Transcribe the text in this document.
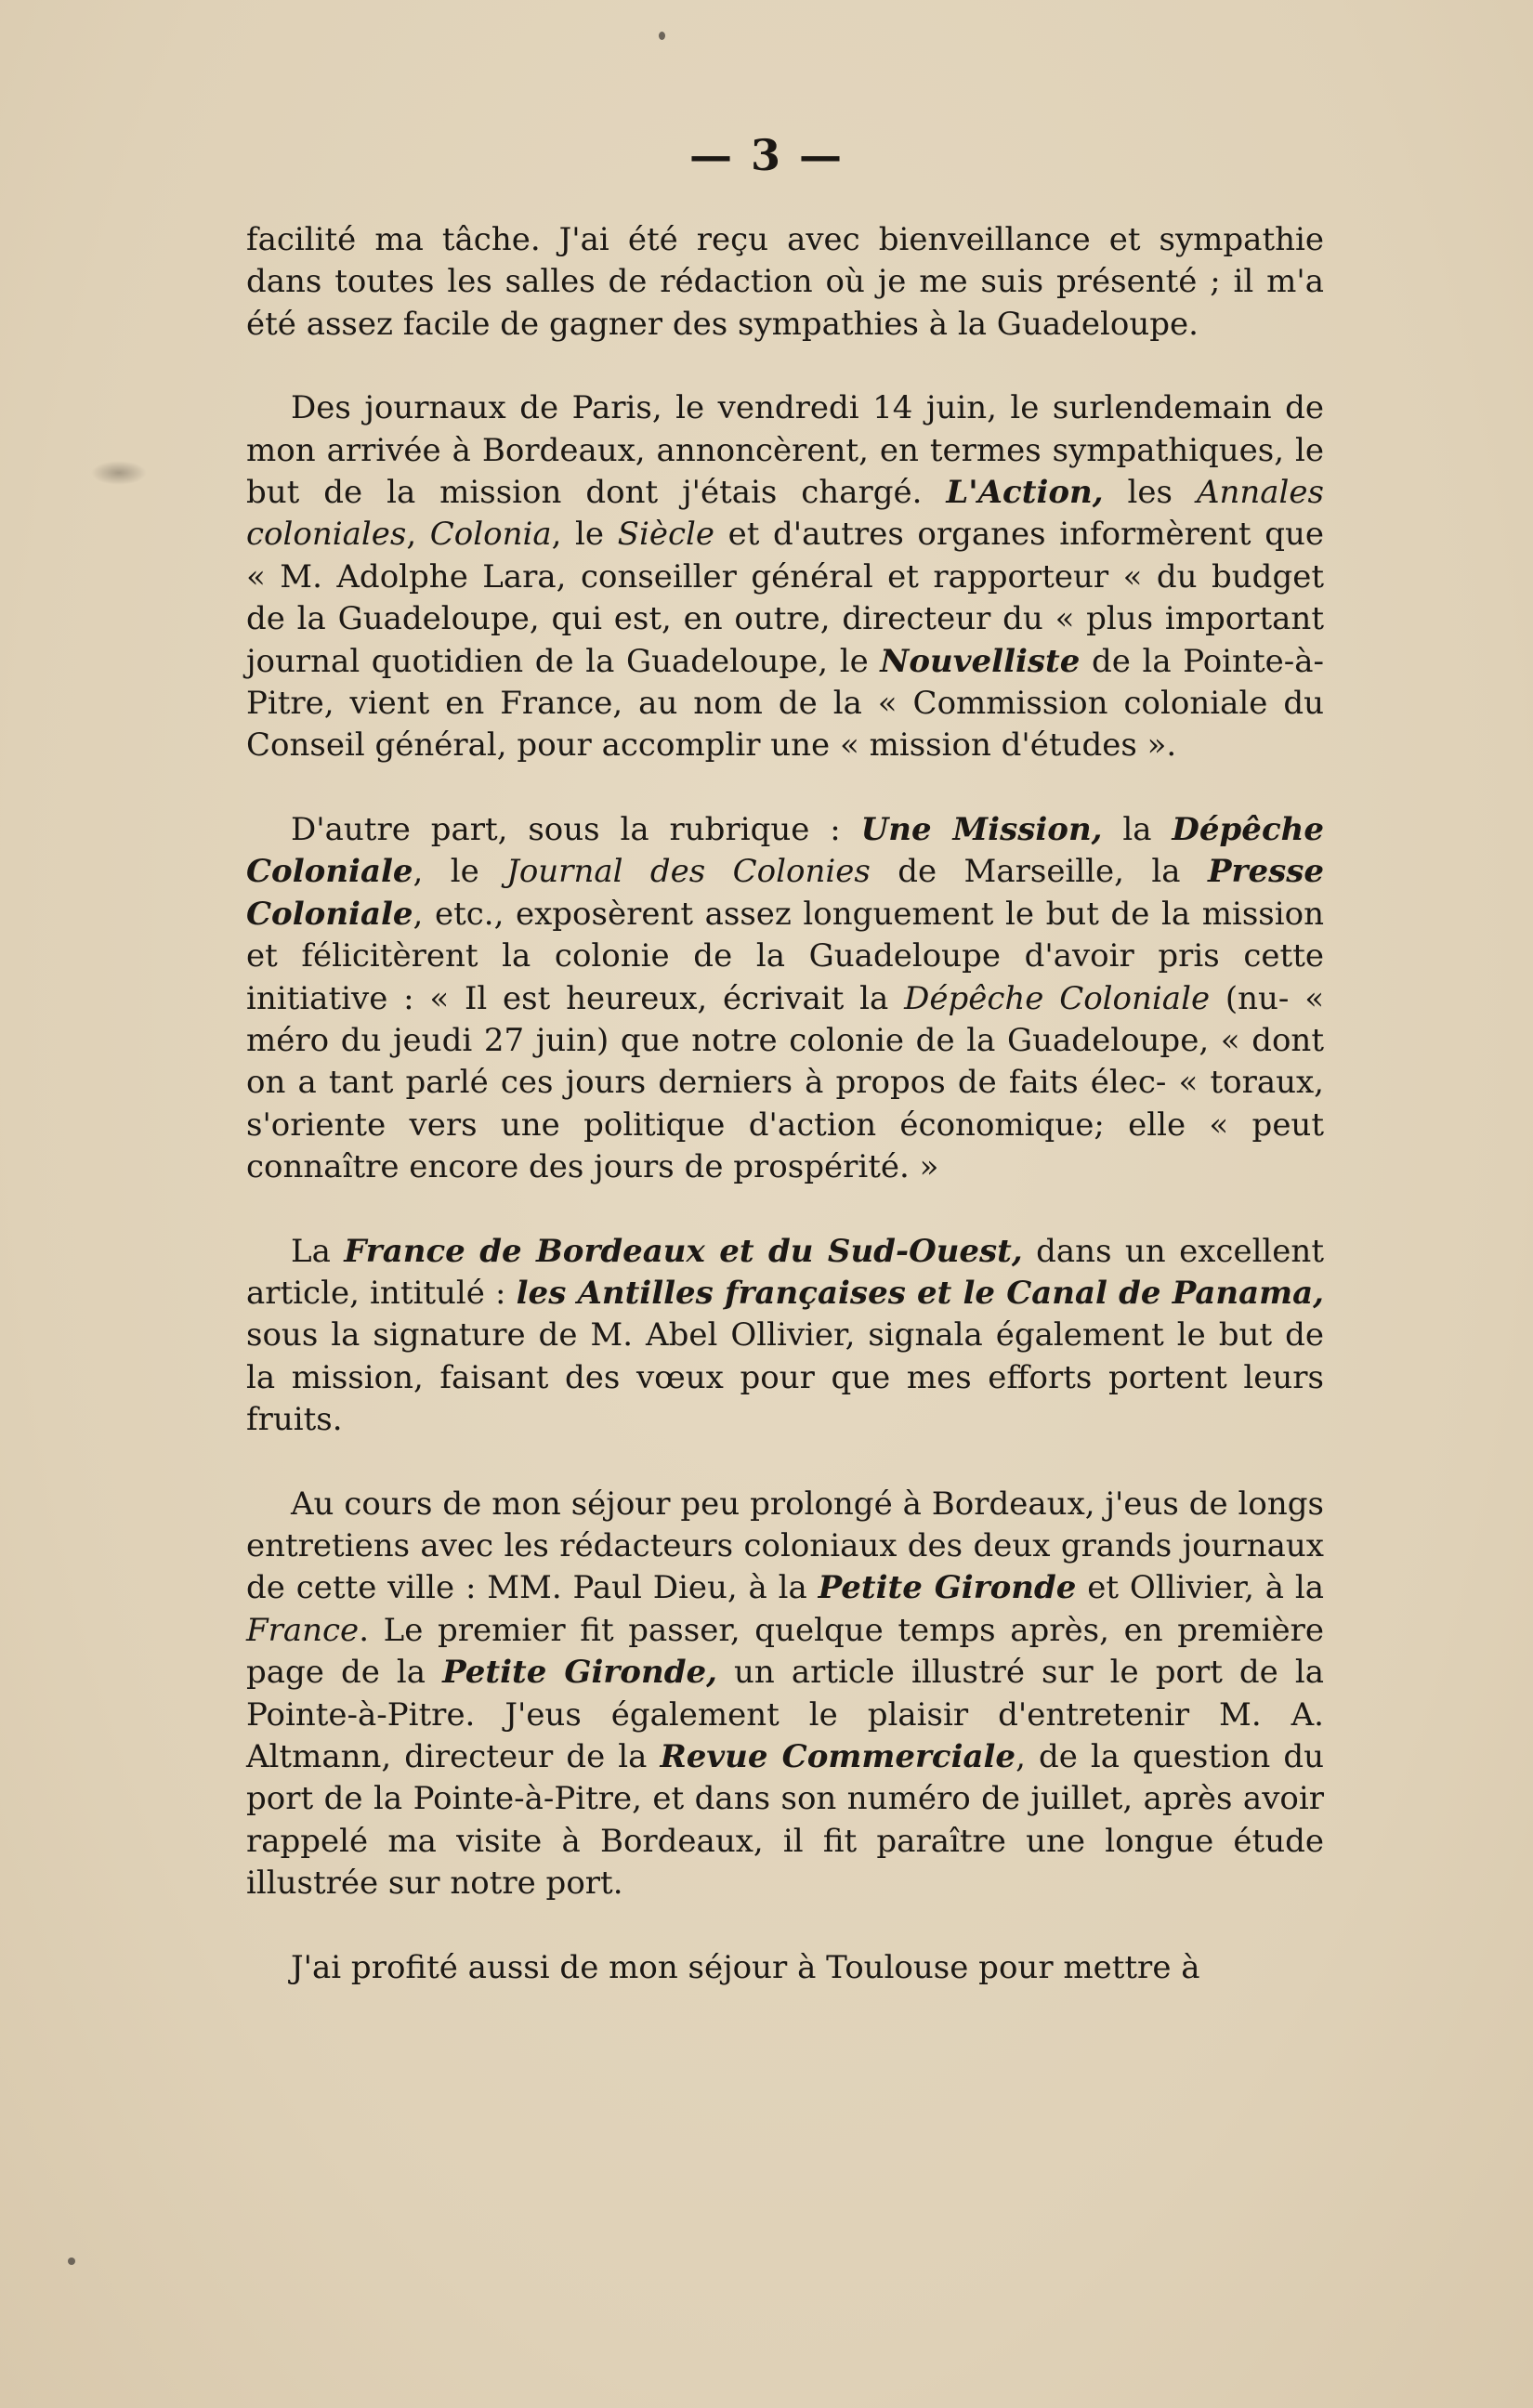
— 3 —

facilité ma tâche. J'ai été reçu avec bienveillance et sympathie dans toutes les salles de rédaction où je me suis présenté ; il m'a été assez facile de gagner des sympathies à la Guadeloupe.

Des journaux de Paris, le vendredi 14 juin, le surlendemain de mon arrivée à Bordeaux, annoncèrent, en termes sympathiques, le but de la mission dont j'étais chargé. L'Action, les Annales coloniales, Colonia, le Siècle et d'autres organes informèrent que « M. Adolphe Lara, conseiller général et rapporteur « du budget de la Guadeloupe, qui est, en outre, directeur du « plus important journal quotidien de la Guadeloupe, le Nouvelliste de la Pointe-à-Pitre, vient en France, au nom de la « Commission coloniale du Conseil général, pour accomplir une « mission d'études ».

D'autre part, sous la rubrique : Une Mission, la Dépêche Coloniale, le Journal des Colonies de Marseille, la Presse Coloniale, etc., exposèrent assez longuement le but de la mission et félicitèrent la colonie de la Guadeloupe d'avoir pris cette initiative : « Il est heureux, écrivait la Dépêche Coloniale (nu- « méro du jeudi 27 juin) que notre colonie de la Guadeloupe, « dont on a tant parlé ces jours derniers à propos de faits élec- « toraux, s'oriente vers une politique d'action économique; elle « peut connaître encore des jours de prospérité. »

La France de Bordeaux et du Sud-Ouest, dans un excellent article, intitulé : les Antilles françaises et le Canal de Panama, sous la signature de M. Abel Ollivier, signala également le but de la mission, faisant des vœux pour que mes efforts portent leurs fruits.

Au cours de mon séjour peu prolongé à Bordeaux, j'eus de longs entretiens avec les rédacteurs coloniaux des deux grands journaux de cette ville : MM. Paul Dieu, à la Petite Gironde et Ollivier, à la France. Le premier fit passer, quelque temps après, en première page de la Petite Gironde, un article illustré sur le port de la Pointe-à-Pitre. J'eus également le plaisir d'entretenir M. A. Altmann, directeur de la Revue Commerciale, de la question du port de la Pointe-à-Pitre, et dans son numéro de juillet, après avoir rappelé ma visite à Bordeaux, il fit paraître une longue étude illustrée sur notre port.

J'ai profité aussi de mon séjour à Toulouse pour mettre à
